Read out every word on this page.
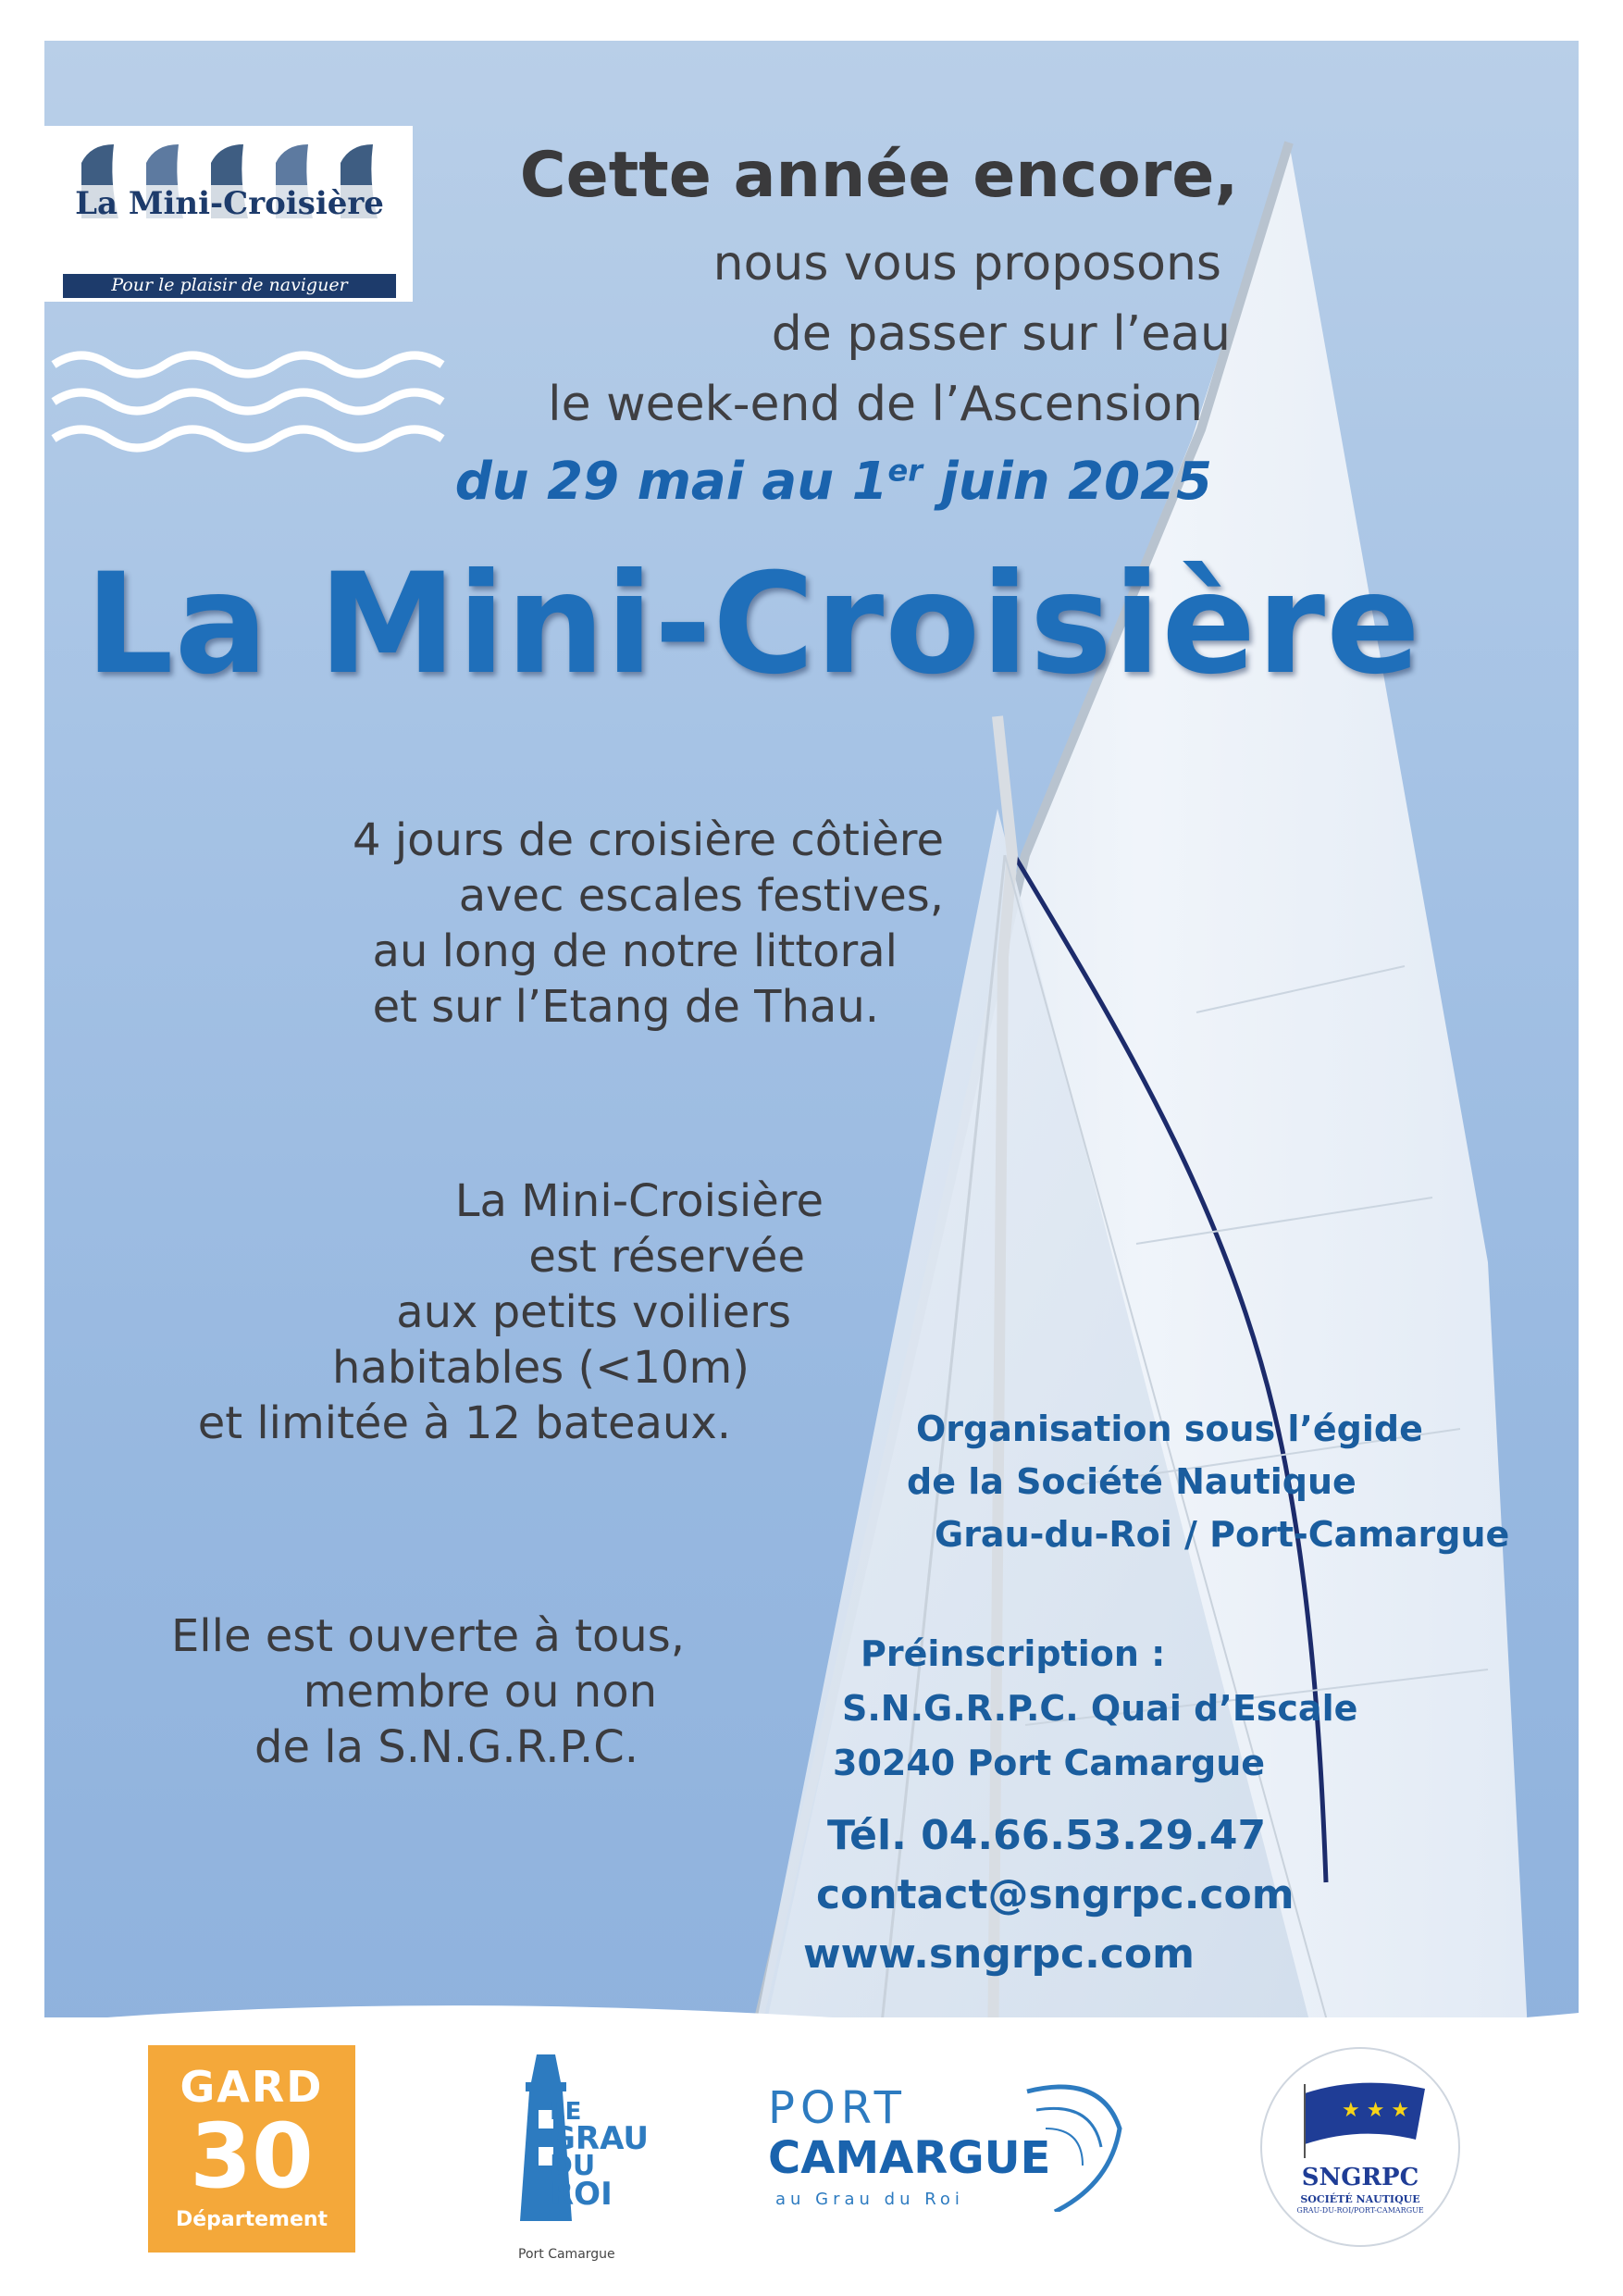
La Mini-Croisière
Pour le plaisir de naviguer
Cette année encore,
nous vous proposons
de passer sur l’eau
le week-end de l’Ascension
du 29 mai au 1er juin 2025
La Mini-Croisière
4 jours de croisière côtière
avec escales festives,
au long de notre littoral
et sur l’Etang de Thau.
La Mini-Croisière
est réservée
aux petits voiliers
habitables (<10m)
et limitée à 12 bateaux.
Elle est ouverte à tous,
membre ou non
de la S.N.G.R.P.C.
Organisation sous l’égide
de la Société Nautique
Grau-du-Roi / Port-Camargue
Préinscription :
S.N.G.R.P.C. Quai d’Escale
30240 Port Camargue
Tél. 04.66.53.29.47
contact@sngrpc.com
www.sngrpc.com
GARD
30
Département
LE
GRAU
DU
ROI
Port Camargue
PORT
CAMARGUE
au Grau du Roi
★ ★ ★
SNGRPC
SOCIÉTÉ NAUTIQUE
GRAU-DU-ROI/PORT-CAMARGUE
